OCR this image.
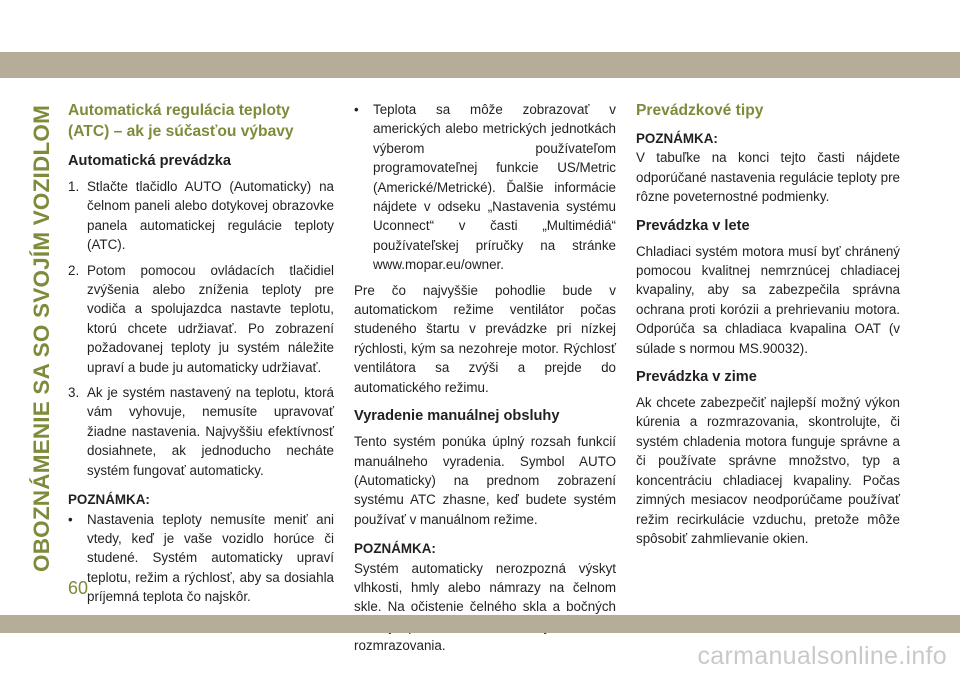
OBOZNÁMENIE SA SO SVOJÍM VOZIDLOM Automatická regulácia teploty (ATC) – ak je súčasťou výbavy
Automatická prevádzka
1. Stlačte tlačidlo AUTO (Automaticky) na čelnom paneli alebo dotykovej obrazovke panela automatickej regulácie teploty (ATC).
2. Potom pomocou ovládacích tlačidiel zvýšenia alebo zníženia teploty pre vodiča a spolujazdca nastavte teplotu, ktorú chcete udržiavať. Po zobrazení požadovanej teploty ju systém náležite upraví a bude ju automaticky udržiavať.
3. Ak je systém nastavený na teplotu, ktorá vám vyhovuje, nemusíte upravovať žiadne nastavenia. Najvyššiu efektívnosť dosiahnete, ak jednoducho necháte systém fungovať automaticky.
POZNÁMKA:
• Nastavenia teploty nemusíte meniť ani vtedy, keď je vaše vozidlo horúce či studené. Systém automaticky upraví teplotu, režim a rýchlosť, aby sa dosiahla príjemná teplota čo najskôr.
• Teplota sa môže zobrazovať v amerických alebo metrických jednotkách výberom používateľom programovateľnej funkcie US/Metric (Americké/Metrické). Ďalšie informácie nájdete v odseku „Nastavenia systému Uconnect“ v časti „Multimédiá“ používateľskej príručky na stránke www.mopar.eu/owner.

Pre čo najvyššie pohodlie bude v automatickom režime ventilátor počas studeného štartu v prevádzke pri nízkej rýchlosti, kým sa nezohreje motor. Rýchlosť ventilátora sa zvýši a prejde do automatického režimu.

Vyradenie manuálnej obsluhy

Tento systém ponúka úplný rozsah funkcií manuálneho vyradenia. Symbol AUTO (Automaticky) na prednom zobrazení systému ATC zhasne, keď budete systém používať v manuálnom režime.

POZNÁMKA:

Systém automaticky nerozpozná výskyt vlhkosti, hmly alebo námrazy na čelnom skle. Na očistenie čelného skla a bočných rozmrazovania.

Prevádzkové tipy
POZNÁMKA:

V tabuľke na konci tejto časti nájdete odporúčané nastavenia regulácie teploty pre rôzne poveternostné podmienky.

Prevádzka v lete

Chladiaci systém motora musí byť chránený pomocou kvalitnej nemrznúcej chladiacej kvapaliny, aby sa zabezpečila správna ochrana proti korózii a prehrievaniu motora. Odporúča sa chladiaca kvapalina OAT (v súlade s normou MS.90032).

Prevádzka v zime

Ak chcete zabezpečiť najlepší možný výkon kúrenia a rozmrazovania, skontrolujte, či systém chladenia motora funguje správne a či používate správne množstvo, typ a koncentráciu chladiacej kvapaliny. Počas zimných mesiacov neodporúčame používať režim recirkulácie vzduchu, pretože môže spôsobiť zahmlievanie okien.

60
carmanualsonline.info
